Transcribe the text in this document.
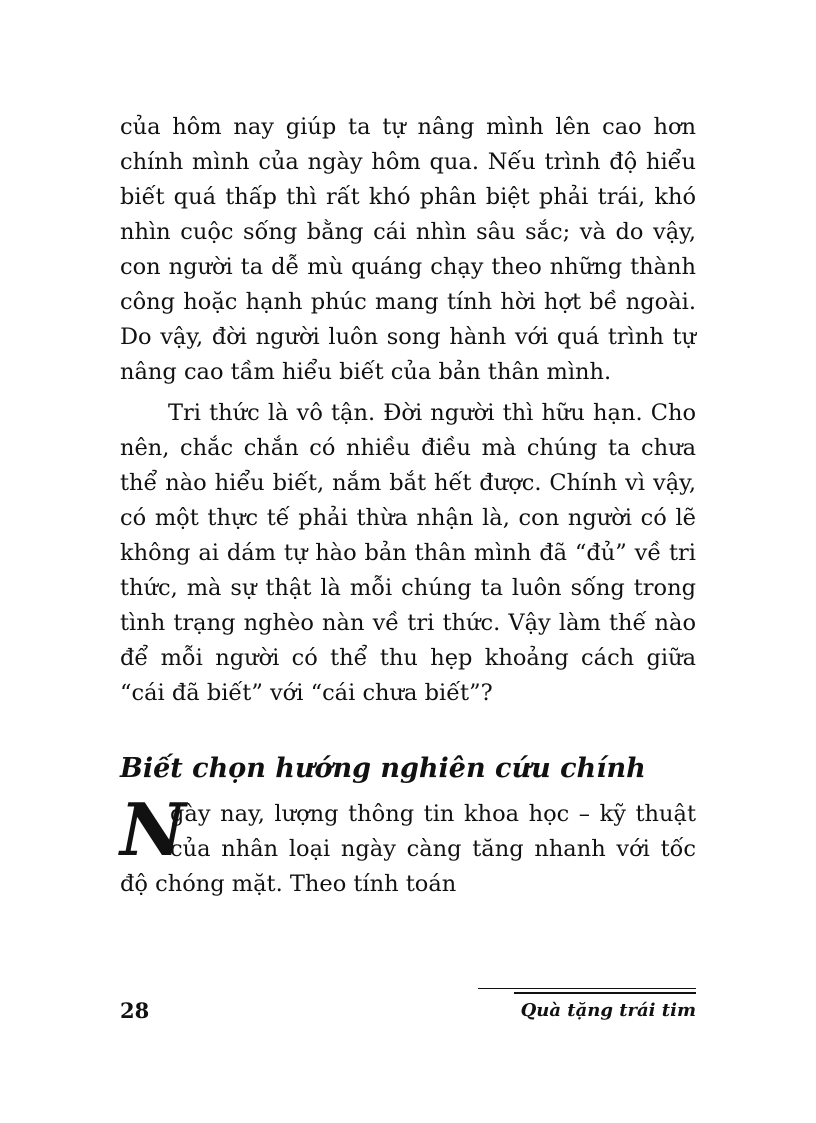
của hôm nay giúp ta tự nâng mình lên cao hơn chính mình của ngày hôm qua. Nếu trình độ hiểu biết quá thấp thì rất khó phân biệt phải trái, khó nhìn cuộc sống bằng cái nhìn sâu sắc; và do vậy, con người ta dễ mù quáng chạy theo những thành công hoặc hạnh phúc mang tính hời hợt bề ngoài. Do vậy, đời người luôn song hành với quá trình tự nâng cao tầm hiểu biết của bản thân mình.

Tri thức là vô tận. Đời người thì hữu hạn. Cho nên, chắc chắn có nhiều điều mà chúng ta chưa thể nào hiểu biết, nắm bắt hết được. Chính vì vậy, có một thực tế phải thừa nhận là, con người có lẽ không ai dám tự hào bản thân mình đã “đủ” về tri thức, mà sự thật là mỗi chúng ta luôn sống trong tình trạng nghèo nàn về tri thức. Vậy làm thế nào để mỗi người có thể thu hẹp khoảng cách giữa “cái đã biết” với “cái chưa biết”?

Biết chọn hướng nghiên cứu chính

N
gày nay, lượng thông tin khoa học – kỹ thuật của nhân loại ngày càng tăng nhanh với tốc độ chóng mặt. Theo tính toán

28	Quà tặng trái tim
